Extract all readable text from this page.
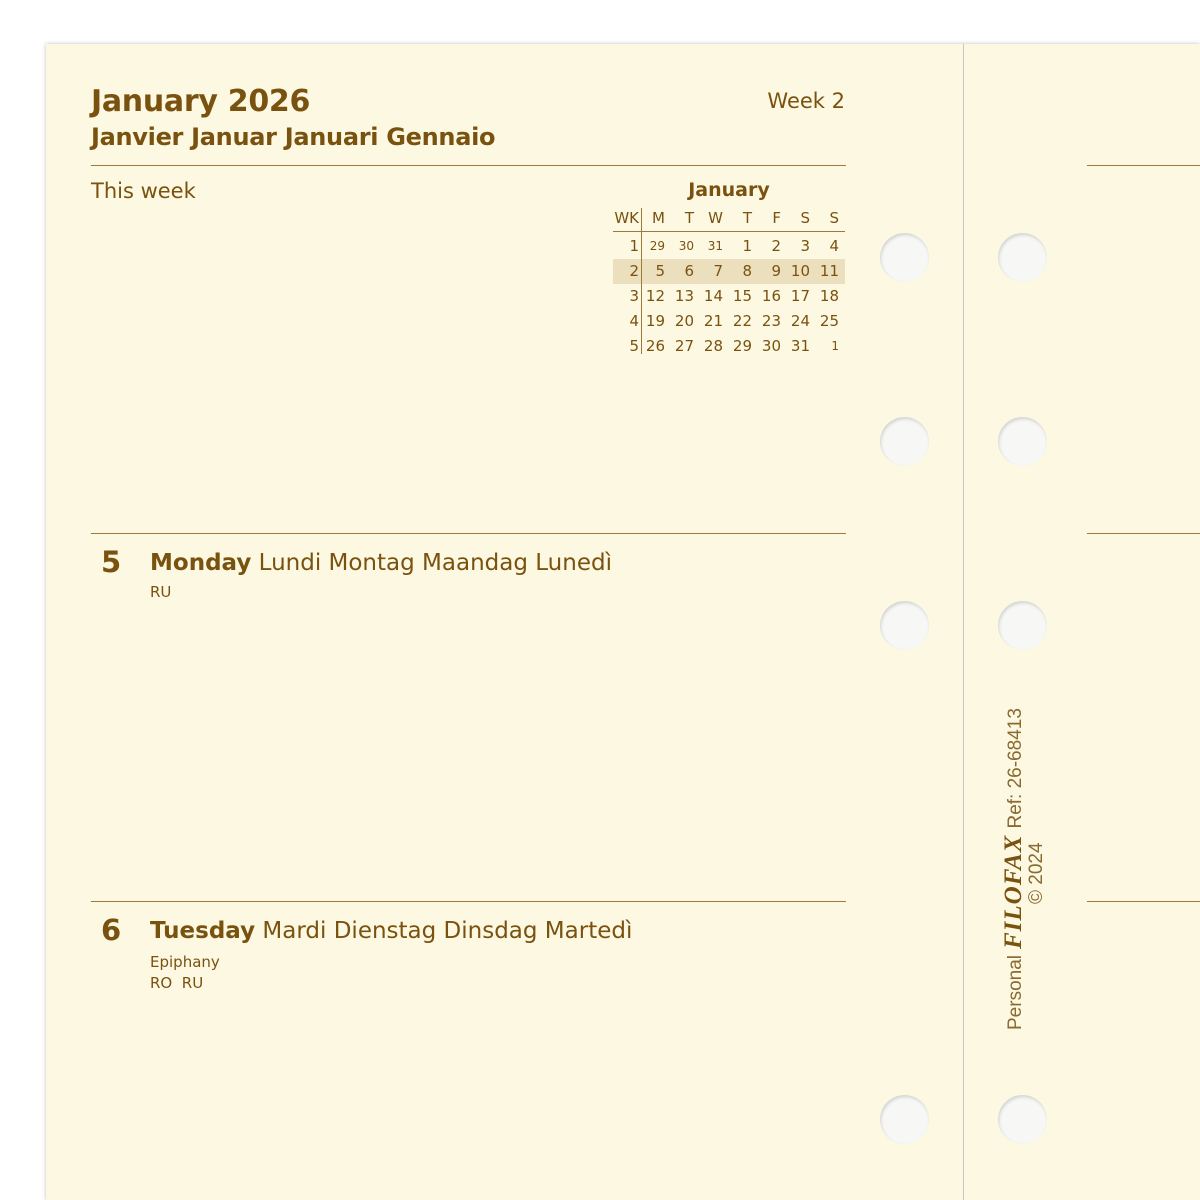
January 2026
Janvier Januar Januari Gennaio
Week 2
This week	January
WK M	T W	T	F	S	S
1 29	30	31	1	2	3	4
2	5	6	7	8	9 10 11
3 12 13 14 15 16 17 18
4 19 20 21 22 23 24 25
5 26 27 28 29 30 31	1
5 Monday Lundi Montag Maandag Lunedì
RU
6 Tuesday Mardi Dienstag Dinsdag Martedì
Epiphany
RO  RU	PersonalFILOFAXRef: 26-68413
© 2024
